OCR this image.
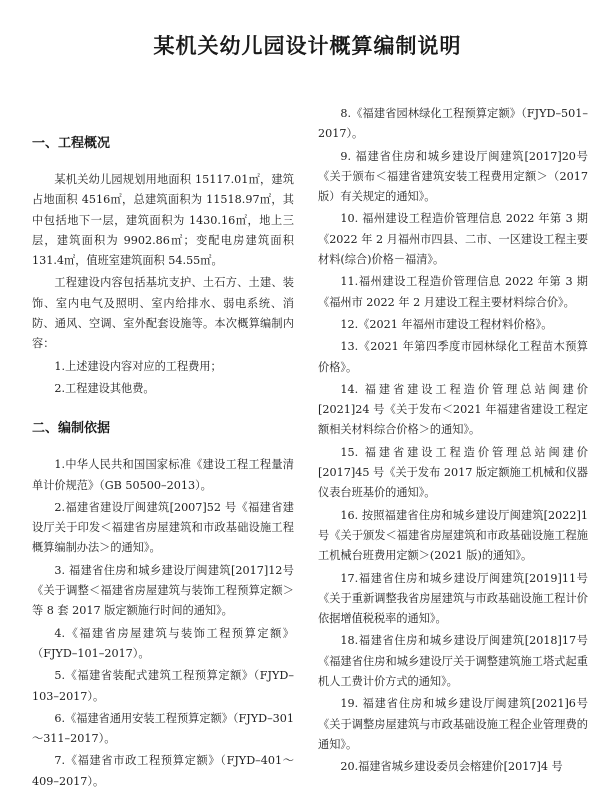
某机关幼儿园设计概算编制说明
一、工程概况

某机关幼儿园规划用地面积 15117.01㎡，建筑占地面积 4516㎡，总建筑面积为 11518.97㎡，其中包括地下一层，建筑面积为 1430.16㎡，地上三层，建筑面积为 9902.86㎡；变配电房建筑面积 131.4㎡，值班室建筑面积 54.55㎡。

工程建设内容包括基坑支护、土石方、土建、装饰、室内电气及照明、室内给排水、弱电系统、消防、通风、空调、室外配套设施等。本次概算编制内容：

1.上述建设内容对应的工程费用；

2.工程建设其他费。

二、编制依据

1.中华人民共和国国家标准《建设工程工程量清单计价规范》（GB 50500–2013）。

2.福建省建设厅闽建筑[2007]52 号《福建省建设厅关于印发＜福建省房屋建筑和市政基础设施工程概算编制办法＞的通知》。

3. 福建省住房和城乡建设厅闽建筑[2017]12号《关于调整＜福建省房屋建筑与装饰工程预算定额＞等 8 套 2017 版定额施行时间的通知》。

4.《福建省房屋建筑与装饰工程预算定额》（FJYD–101–2017）。

5.《福建省装配式建筑工程预算定额》（FJYD–103–2017）。

6.《福建省通用安装工程预算定额》（FJYD–301～311–2017）。

7.《福建省市政工程预算定额》（FJYD–401～409–2017）。

8.《福建省园林绿化工程预算定额》（FJYD–501–2017）。

9. 福建省住房和城乡建设厅闽建筑[2017]20号《关于颁布＜福建省建筑安装工程费用定额＞（2017 版）有关规定的通知》。

10. 福州建设工程造价管理信息 2022 年第 3 期《2022 年 2 月福州市四县、二市、一区建设工程主要材料(综合)价格－福清》。

11.福州建设工程造价管理信息 2022 年第 3 期《福州市 2022 年 2 月建设工程主要材料综合价》。

12.《2021 年福州市建设工程材料价格》。

13.《2021 年第四季度市园林绿化工程苗木预算价格》。

14. 福建省建设工程造价管理总站闽建价[2021]24 号《关于发布＜2021 年福建省建设工程定额相关材料综合价格＞的通知》。

15. 福建省建设工程造价管理总站闽建价[2017]45 号《关于发布 2017 版定额施工机械和仪器仪表台班基价的通知》。

16. 按照福建省住房和城乡建设厅闽建筑[2022]1 号《关于颁发＜福建省房屋建筑和市政基础设施工程施工机械台班费用定额＞(2021 版)的通知》。

17.福建省住房和城乡建设厅闽建筑[2019]11号《关于重新调整我省房屋建筑与市政基础设施工程计价依据增值税税率的通知》。

18.福建省住房和城乡建设厅闽建筑[2018]17号《福建省住房和城乡建设厅关于调整建筑施工塔式起重机人工费计价方式的通知》。

19. 福建省住房和城乡建设厅闽建筑[2021]6号《关于调整房屋建筑与市政基础设施工程企业管理费的通知》。

20.福建省城乡建设委员会榕建价[2017]4 号
